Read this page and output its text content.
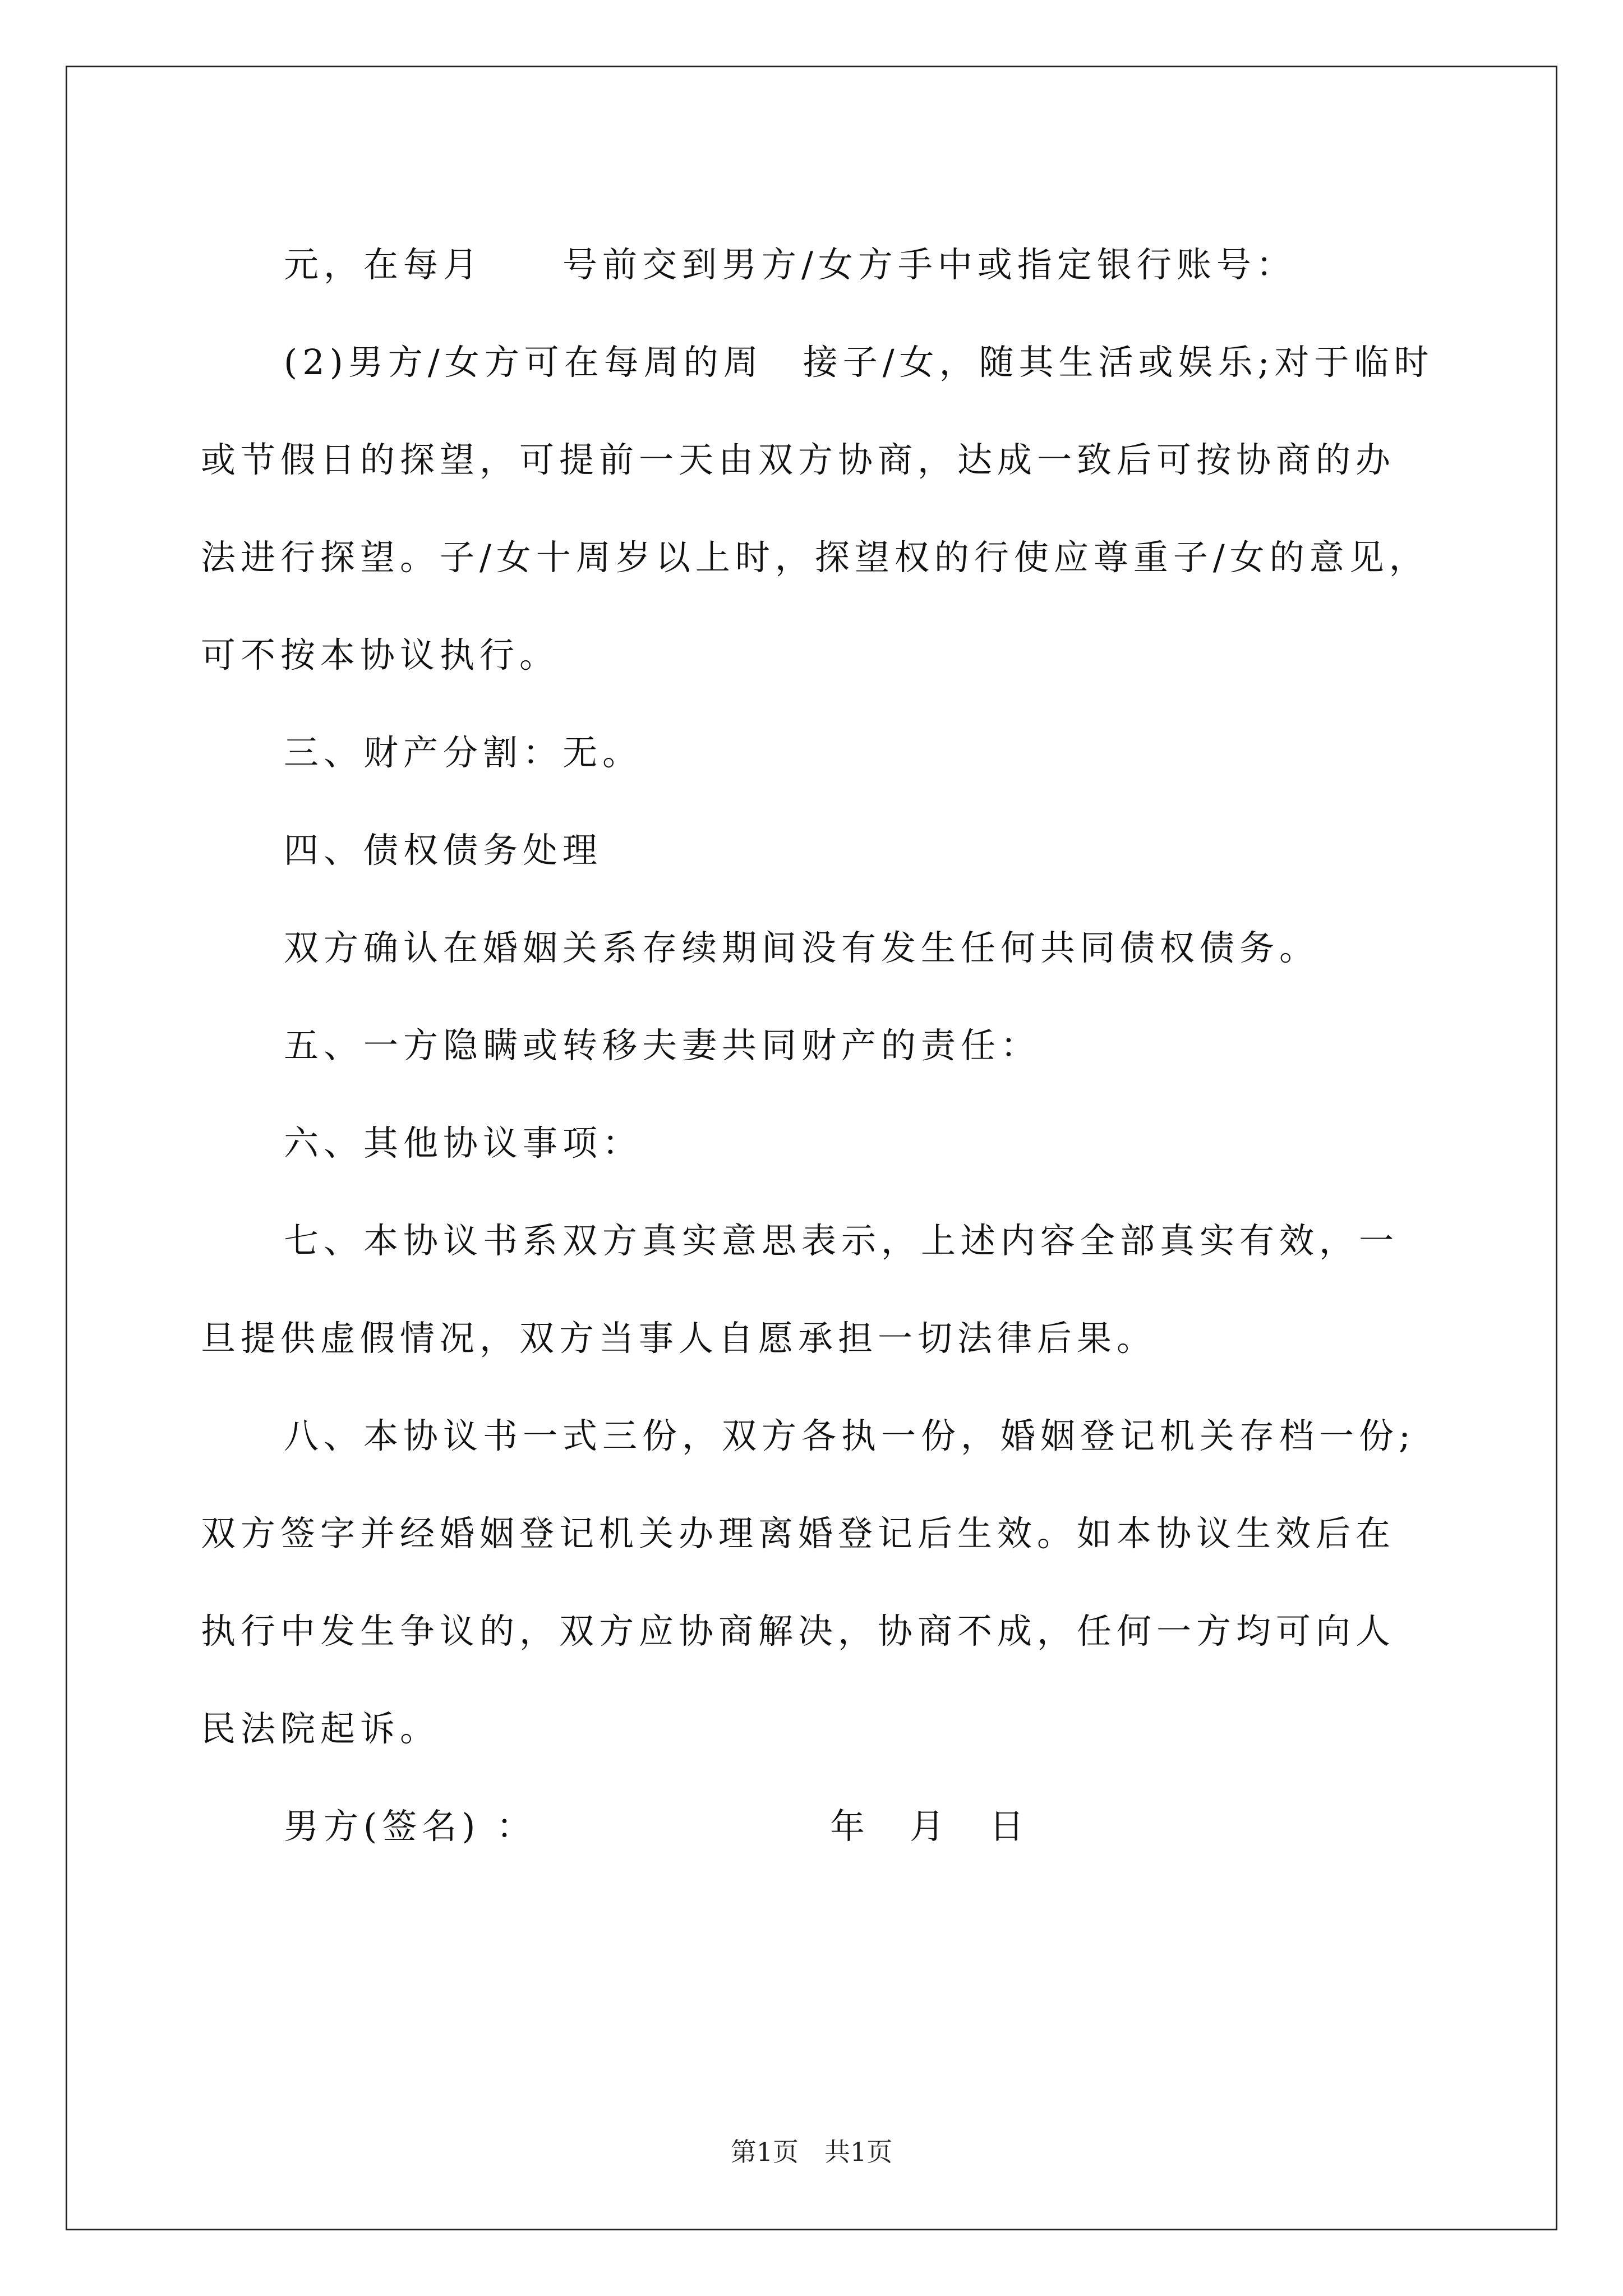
元，在每月　　号前交到男方/女方手中或指定银行账号：

(2)男方/女方可在每周的周　接子/女，随其生活或娱乐;对于临时或节假日的探望，可提前一天由双方协商，达成一致后可按协商的办法进行探望。子/女十周岁以上时，探望权的行使应尊重子/女的意见，可不按本协议执行。

三、财产分割：无。

四、债权债务处理

双方确认在婚姻关系存续期间没有发生任何共同债权债务。

五、一方隐瞒或转移夫妻共同财产的责任：

六、其他协议事项：

七、本协议书系双方真实意思表示，上述内容全部真实有效，一旦提供虚假情况，双方当事人自愿承担一切法律后果。

八、本协议书一式三份，双方各执一份，婚姻登记机关存档一份;双方签字并经婚姻登记机关办理离婚登记后生效。如本协议生效后在执行中发生争议的，双方应协商解决，协商不成，任何一方均可向人民法院起诉。

男方(签名) ：	年　月　日
第1页　共1页
